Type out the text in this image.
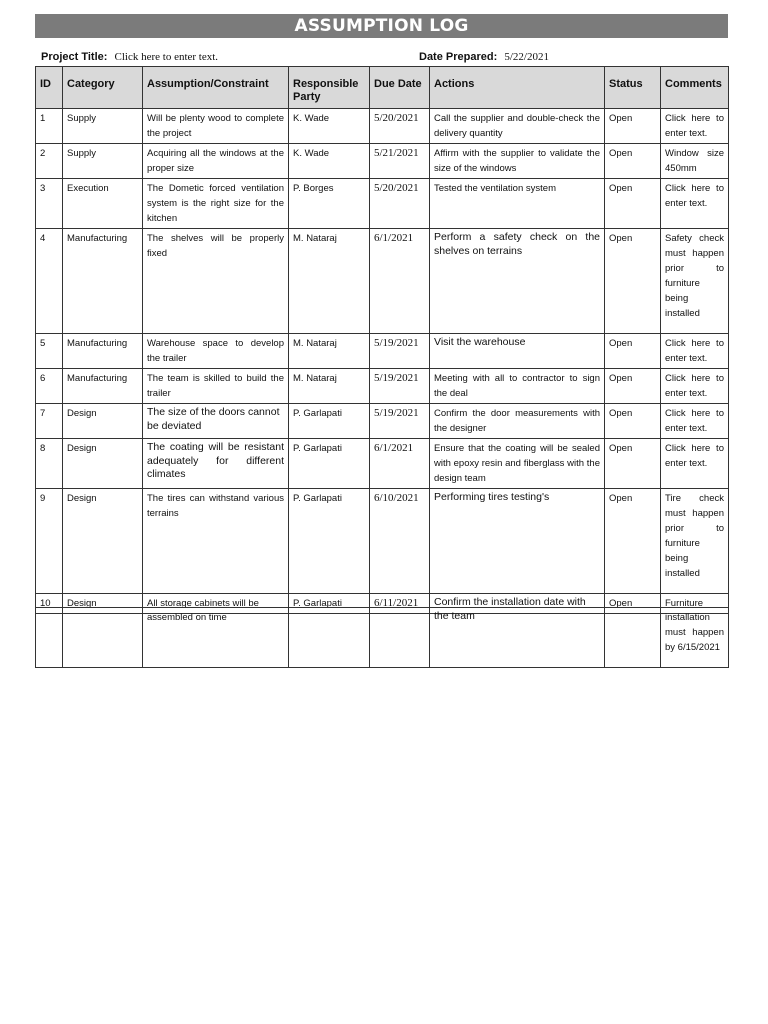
ASSUMPTION LOG
Project Title: Click here to enter text.	Date Prepared: 5/22/2021
ID	Category	Assumption/Constraint	Responsible Party	Due Date	Actions	Status	Comments
1	Supply	Will be plenty wood to complete the project	K. Wade	5/20/2021	Call the supplier and double-check the delivery quantity	Open	Click here to enter text.
2	Supply	Acquiring all the windows at the proper size	K. Wade	5/21/2021	Affirm with the supplier to validate the size of the windows	Open	Window size 450mm
3	Execution	The Dometic forced ventilation system is the right size for the kitchen	P. Borges	5/20/2021	Tested the ventilation system	Open	Click here to enter text.
4	Manufacturing	The shelves will be properly fixed	M. Nataraj	6/1/2021	Perform a safety check on the shelves on terrains	Open	Safety check must happen prior to furniture being installed
5	Manufacturing	Warehouse space to develop the trailer	M. Nataraj	5/19/2021	Visit the warehouse	Open	Click here to enter text.
6	Manufacturing	The team is skilled to build the trailer	M. Nataraj	5/19/2021	Meeting with all to contractor to sign the deal	Open	Click here to enter text.
7	Design	The size of the doors cannot be deviated	P. Garlapati	5/19/2021	Confirm the door measurements with the designer	Open	Click here to enter text.
8	Design	The coating will be resistant adequately for different climates	P. Garlapati	6/1/2021	Ensure that the coating will be sealed with epoxy resin and fiberglass with the design team	Open	Click here to enter text.
9	Design	The tires can withstand various terrains	P. Garlapati	6/10/2021	Performing tires testing's	Open	Tire check must happen prior to furniture being installed
10	Design	All storage cabinets will be	P. Garlapati	6/11/2021	Confirm the installation date with	Open	Furniture
		assembled on time			the team		installation must happen by 6/15/2021
